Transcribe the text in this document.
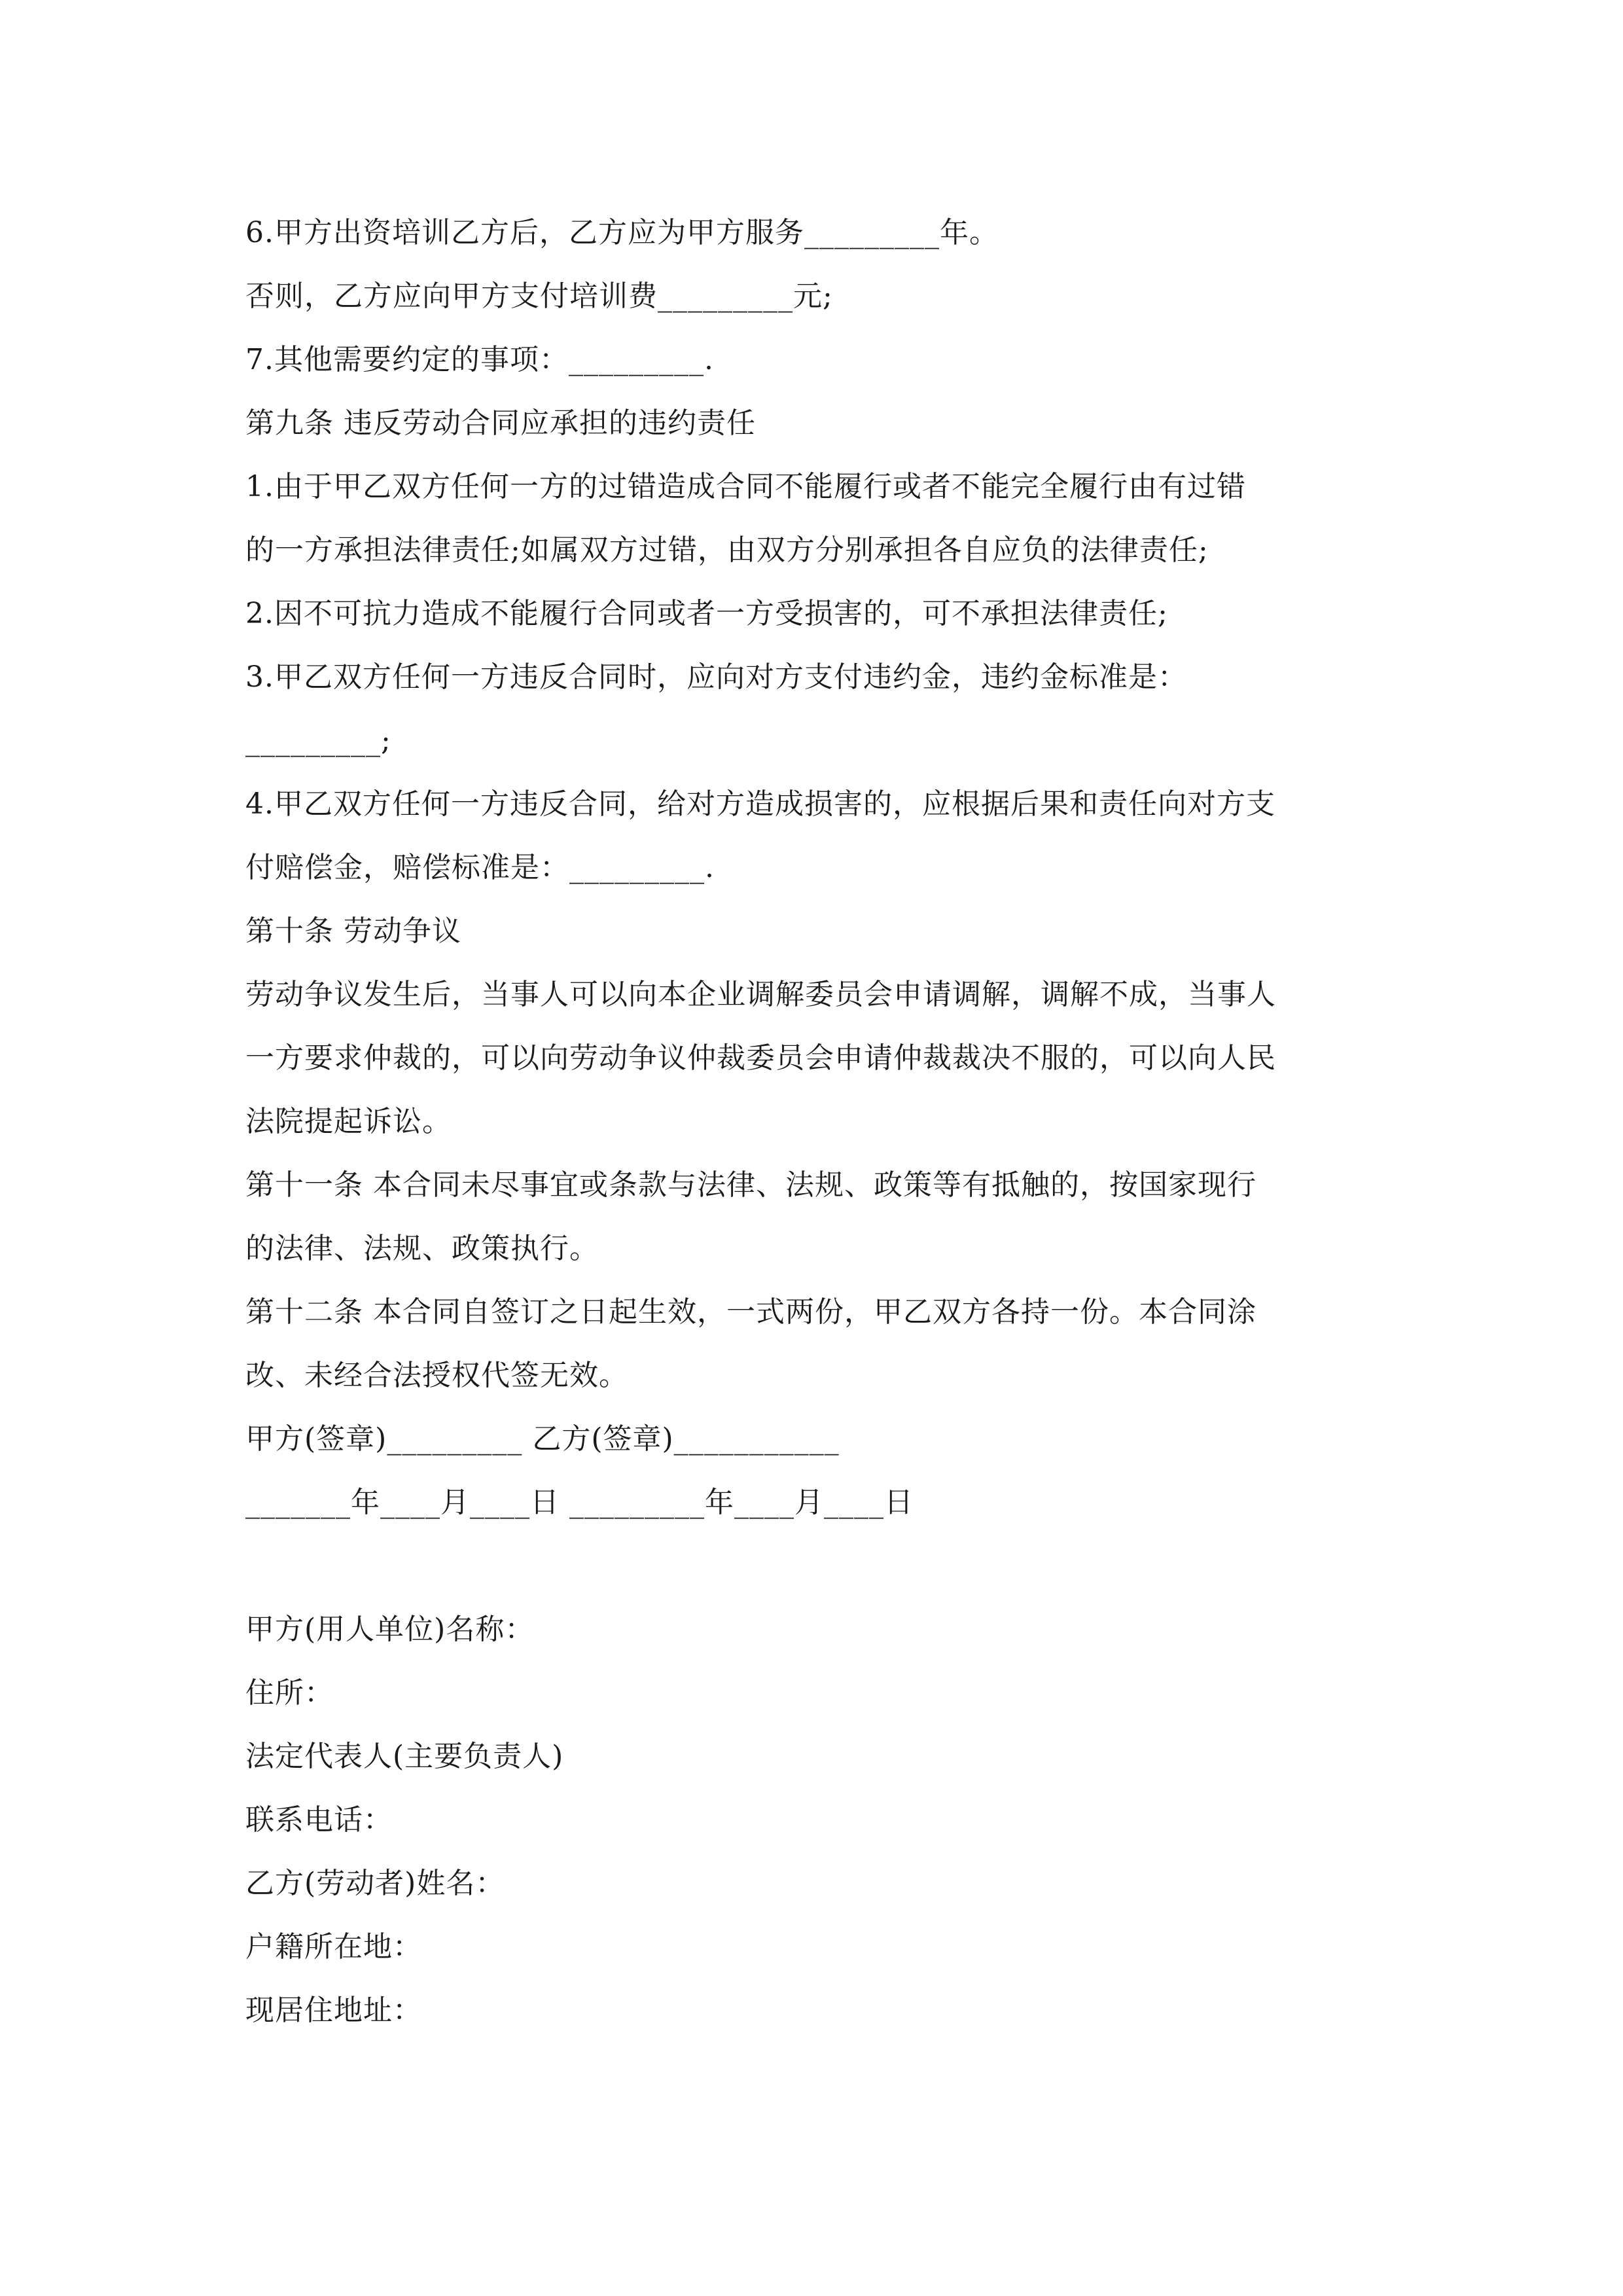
6.甲方出资培训乙方后，乙方应为甲方服务_________年。
否则，乙方应向甲方支付培训费_________元;
7.其他需要约定的事项：_________.
第九条 违反劳动合同应承担的违约责任
1.由于甲乙双方任何一方的过错造成合同不能履行或者不能完全履行由有过错
的一方承担法律责任;如属双方过错，由双方分别承担各自应负的法律责任;
2.因不可抗力造成不能履行合同或者一方受损害的，可不承担法律责任;
3.甲乙双方任何一方违反合同时，应向对方支付违约金，违约金标准是：
_________;
4.甲乙双方任何一方违反合同，给对方造成损害的，应根据后果和责任向对方支
付赔偿金，赔偿标准是：_________.
第十条 劳动争议
劳动争议发生后，当事人可以向本企业调解委员会申请调解，调解不成，当事人
一方要求仲裁的，可以向劳动争议仲裁委员会申请仲裁裁决不服的，可以向人民
法院提起诉讼。
第十一条 本合同未尽事宜或条款与法律、法规、政策等有抵触的，按国家现行
的法律、法规、政策执行。
第十二条 本合同自签订之日起生效，一式两份，甲乙双方各持一份。本合同涂
改、未经合法授权代签无效。
甲方(签章)_________ 乙方(签章)___________
_______年____月____日 _________年____月____日
甲方(用人单位)名称：
住所：
法定代表人(主要负责人)
联系电话：
乙方(劳动者)姓名：
户籍所在地：
现居住地址：
